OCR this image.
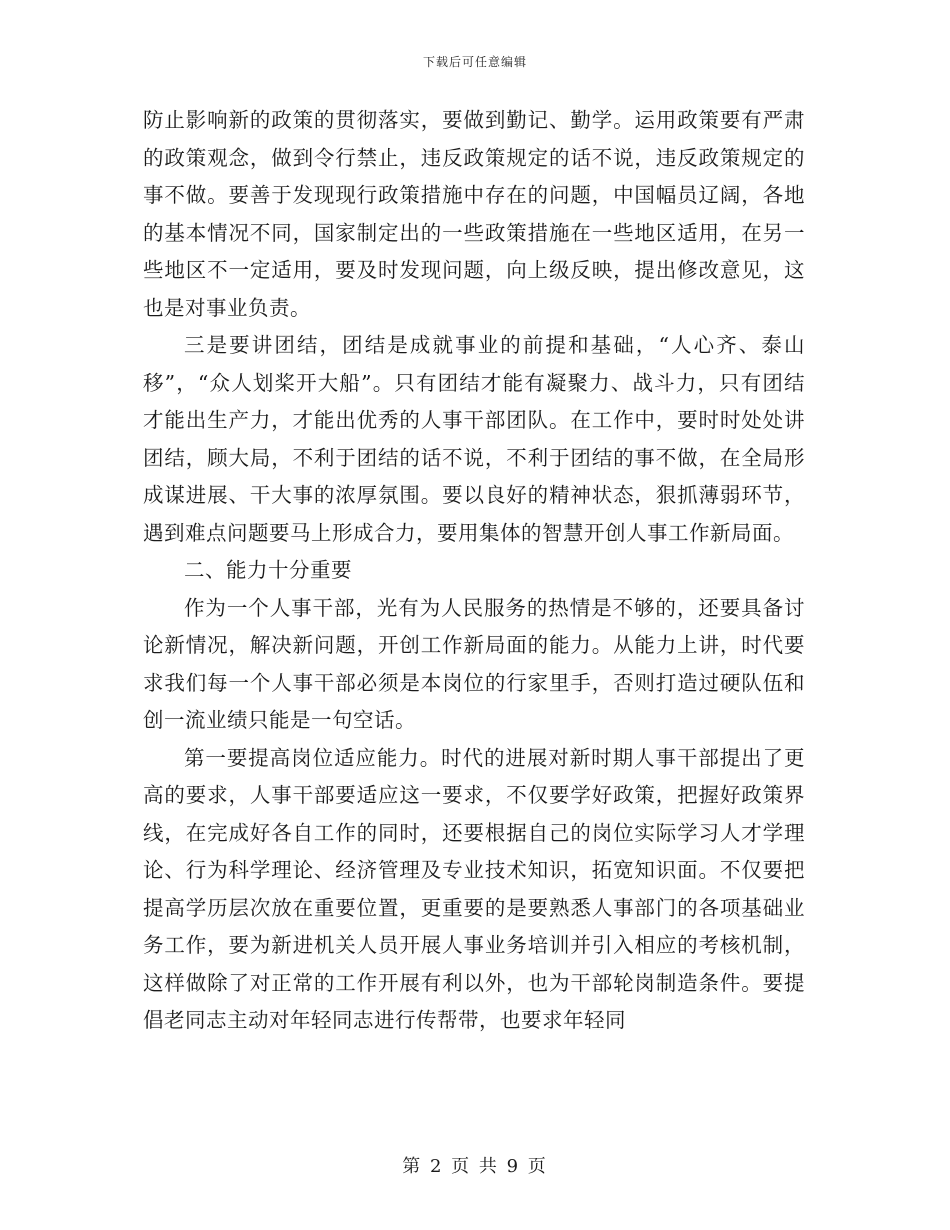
下载后可任意编辑

防止影响新的政策的贯彻落实，要做到勤记、勤学。运用政策要有严肃的政策观念，做到令行禁止，违反政策规定的话不说，违反政策规定的事不做。要善于发现现行政策措施中存在的问题，中国幅员辽阔，各地的基本情况不同，国家制定出的一些政策措施在一些地区适用，在另一些地区不一定适用，要及时发现问题，向上级反映，提出修改意见，这也是对事业负责。

三是要讲团结，团结是成就事业的前提和基础，“人心齐、泰山移”，“众人划桨开大船”。只有团结才能有凝聚力、战斗力，只有团结才能出生产力，才能出优秀的人事干部团队。在工作中，要时时处处讲团结，顾大局，不利于团结的话不说，不利于团结的事不做，在全局形成谋进展、干大事的浓厚氛围。要以良好的精神状态，狠抓薄弱环节，遇到难点问题要马上形成合力，要用集体的智慧开创人事工作新局面。

二、能力十分重要

作为一个人事干部，光有为人民服务的热情是不够的，还要具备讨论新情况，解决新问题，开创工作新局面的能力。从能力上讲，时代要求我们每一个人事干部必须是本岗位的行家里手，否则打造过硬队伍和创一流业绩只能是一句空话。

第一要提高岗位适应能力。时代的进展对新时期人事干部提出了更高的要求，人事干部要适应这一要求，不仅要学好政策，把握好政策界线，在完成好各自工作的同时，还要根据自己的岗位实际学习人才学理论、行为科学理论、经济管理及专业技术知识，拓宽知识面。不仅要把提高学历层次放在重要位置，更重要的是要熟悉人事部门的各项基础业务工作，要为新进机关人员开展人事业务培训并引入相应的考核机制，这样做除了对正常的工作开展有利以外，也为干部轮岗制造条件。要提倡老同志主动对年轻同志进行传帮带，也要求年轻同

第 2 页 共 9 页
